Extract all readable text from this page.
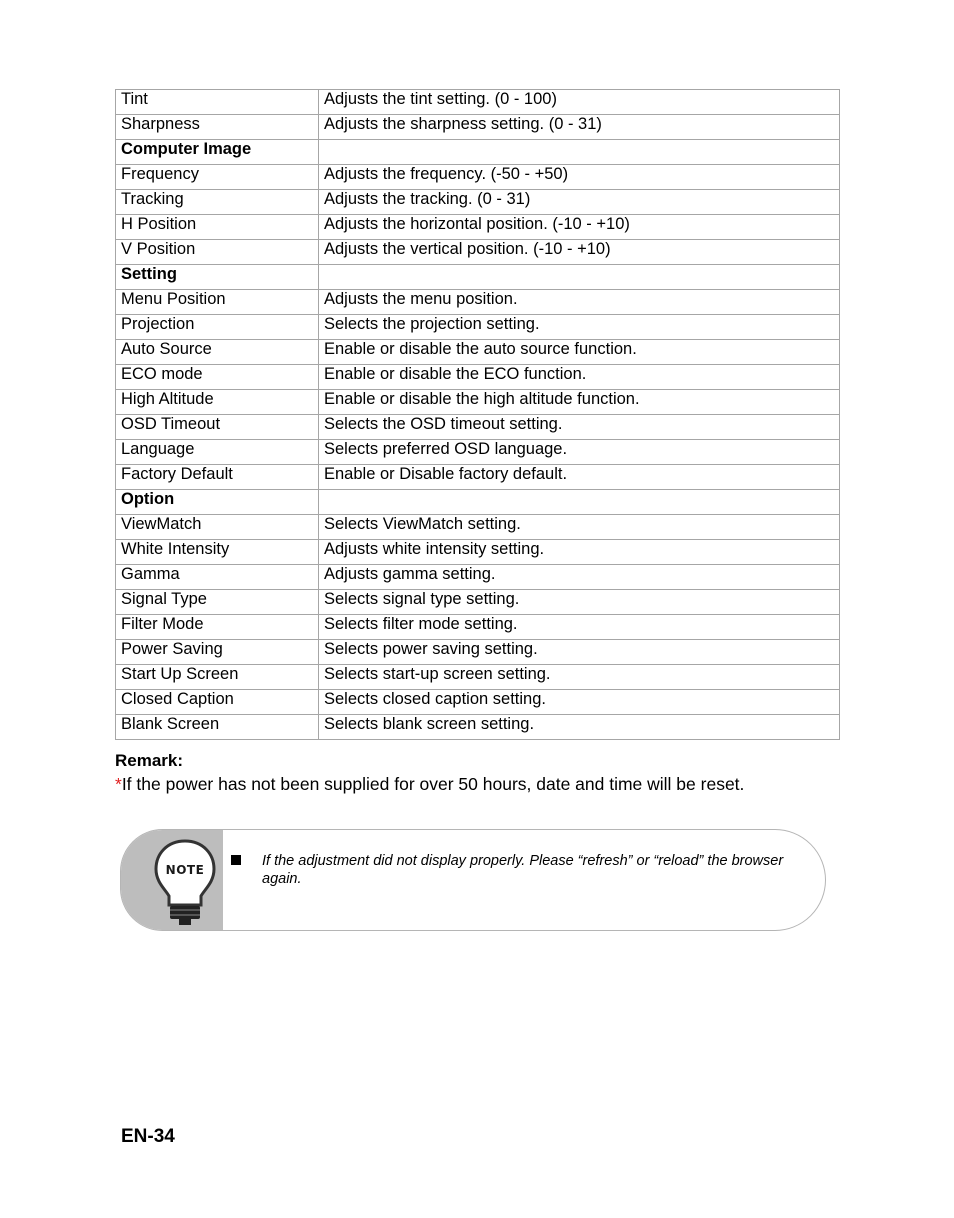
Tint	Adjusts the tint setting. (0 - 100)
Sharpness	Adjusts the sharpness setting. (0 - 31)
Computer Image	
Frequency	Adjusts the frequency. (-50 - +50)
Tracking	Adjusts the tracking. (0 - 31)
H Position	Adjusts the horizontal position. (-10 - +10)
V Position	Adjusts the vertical position. (-10 - +10)
Setting	
Menu Position	Adjusts the menu position.
Projection	Selects the projection setting.
Auto Source	Enable or disable the auto source function.
ECO mode	Enable or disable the ECO function.
High Altitude	Enable or disable the high altitude function.
OSD Timeout	Selects the OSD timeout setting.
Language	Selects preferred OSD language.
Factory Default	Enable or Disable factory default.
Option	
ViewMatch	Selects ViewMatch setting.
White Intensity	Adjusts white intensity setting.
Gamma	Adjusts gamma setting.
Signal Type	Selects signal type setting.
Filter Mode	Selects filter mode setting.
Power Saving	Selects power saving setting.
Start Up Screen	Selects start-up screen setting.
Closed Caption	Selects closed caption setting.
Blank Screen	Selects blank screen setting.
Remark:
*If the power has not been supplied for over 50 hours, date and time will be reset.
NOTE
If the adjustment did not display properly. Please “refresh” or “reload” the browser again.
EN-34
